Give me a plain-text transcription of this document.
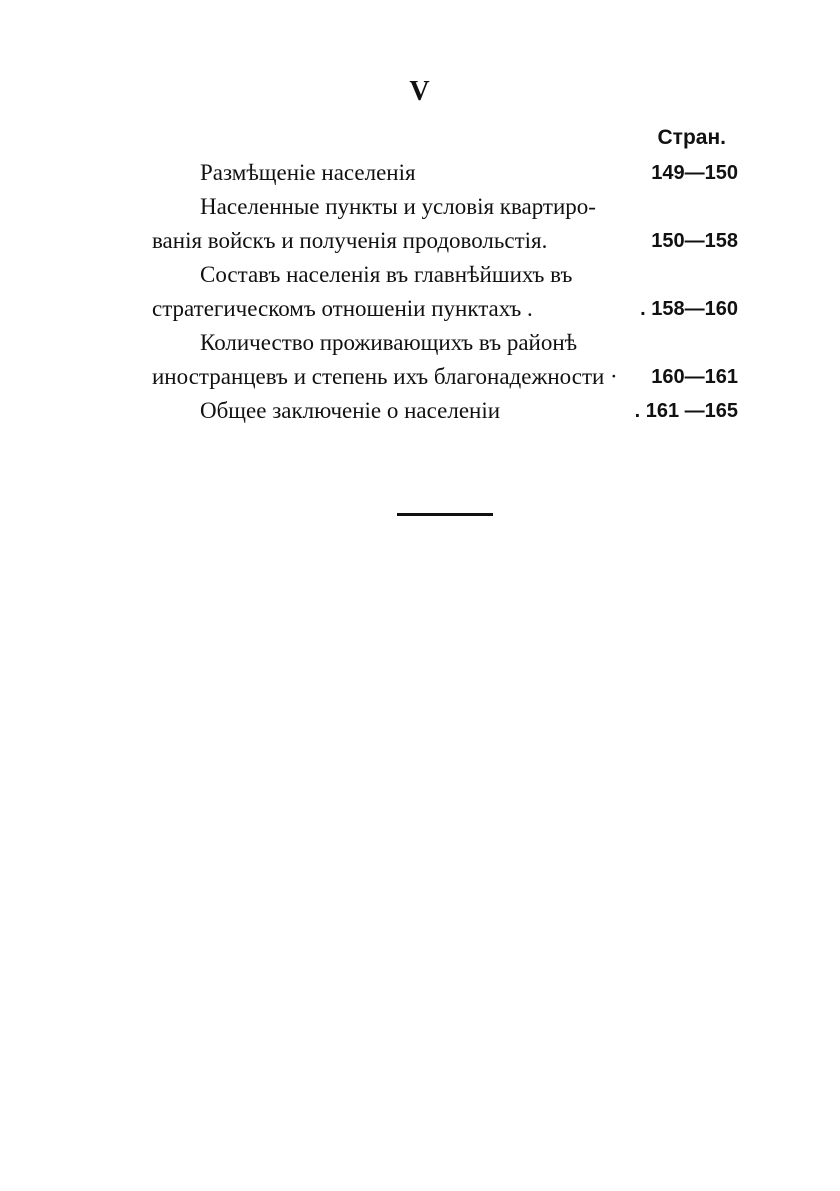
V
Стран.
Размѣщеніе населенія	149—150
Населенные пункты и условія квартиро-
ванія войскъ и полученія продовольстія.	150—158
Составъ населенія въ главнѣйшихъ въ
стратегическомъ отношеніи пунктахъ .	. 158—160
Количество проживающихъ въ районѣ
иностранцевъ и степень ихъ благонадежности · 160—161
Общее заключеніе о населеніи	. 161 —165
